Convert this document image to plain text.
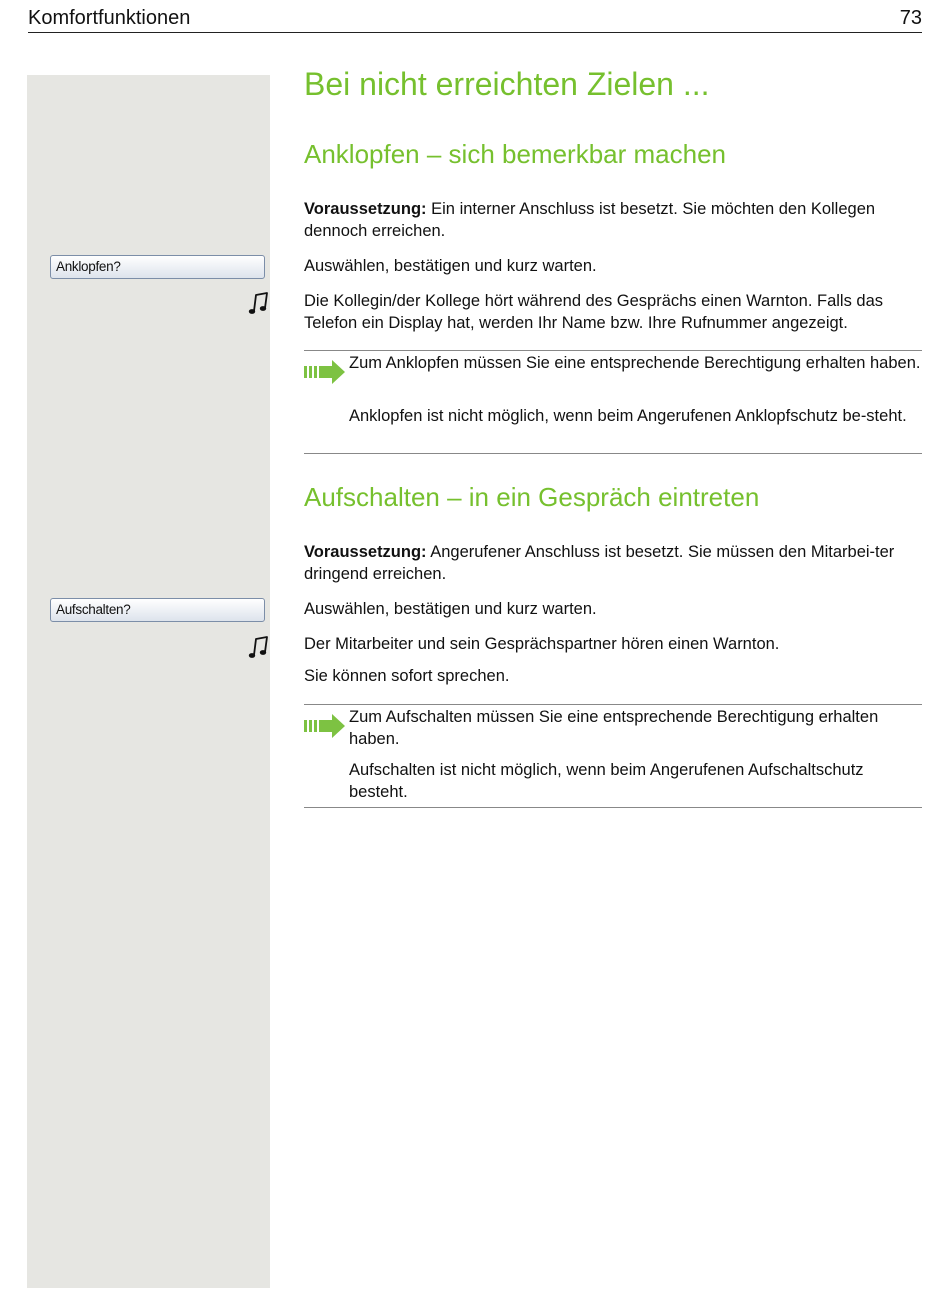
Komfortfunktionen	73
Bei nicht erreichten Zielen ...
Anklopfen – sich bemerkbar machen
Voraussetzung: Ein interner Anschluss ist besetzt. Sie möchten den Kollegen dennoch erreichen.
Anklopfen?	Auswählen, bestätigen und kurz warten.
Die Kollegin/der Kollege hört während des Gesprächs einen Warnton. Falls das Telefon ein Display hat, werden Ihr Name bzw. Ihre Rufnummer angezeigt.
Zum Anklopfen müssen Sie eine entsprechende Berechtigung erhalten haben.
Anklopfen ist nicht möglich, wenn beim Angerufenen Anklopfschutz be-steht.
Aufschalten – in ein Gespräch eintreten
Voraussetzung: Angerufener Anschluss ist besetzt. Sie müssen den Mitarbei-ter dringend erreichen.
Aufschalten?	Auswählen, bestätigen und kurz warten.
Der Mitarbeiter und sein Gesprächspartner hören einen Warnton.
Sie können sofort sprechen.
Zum Aufschalten müssen Sie eine entsprechende Berechtigung erhalten haben.
Aufschalten ist nicht möglich, wenn beim Angerufenen Aufschaltschutz besteht.
